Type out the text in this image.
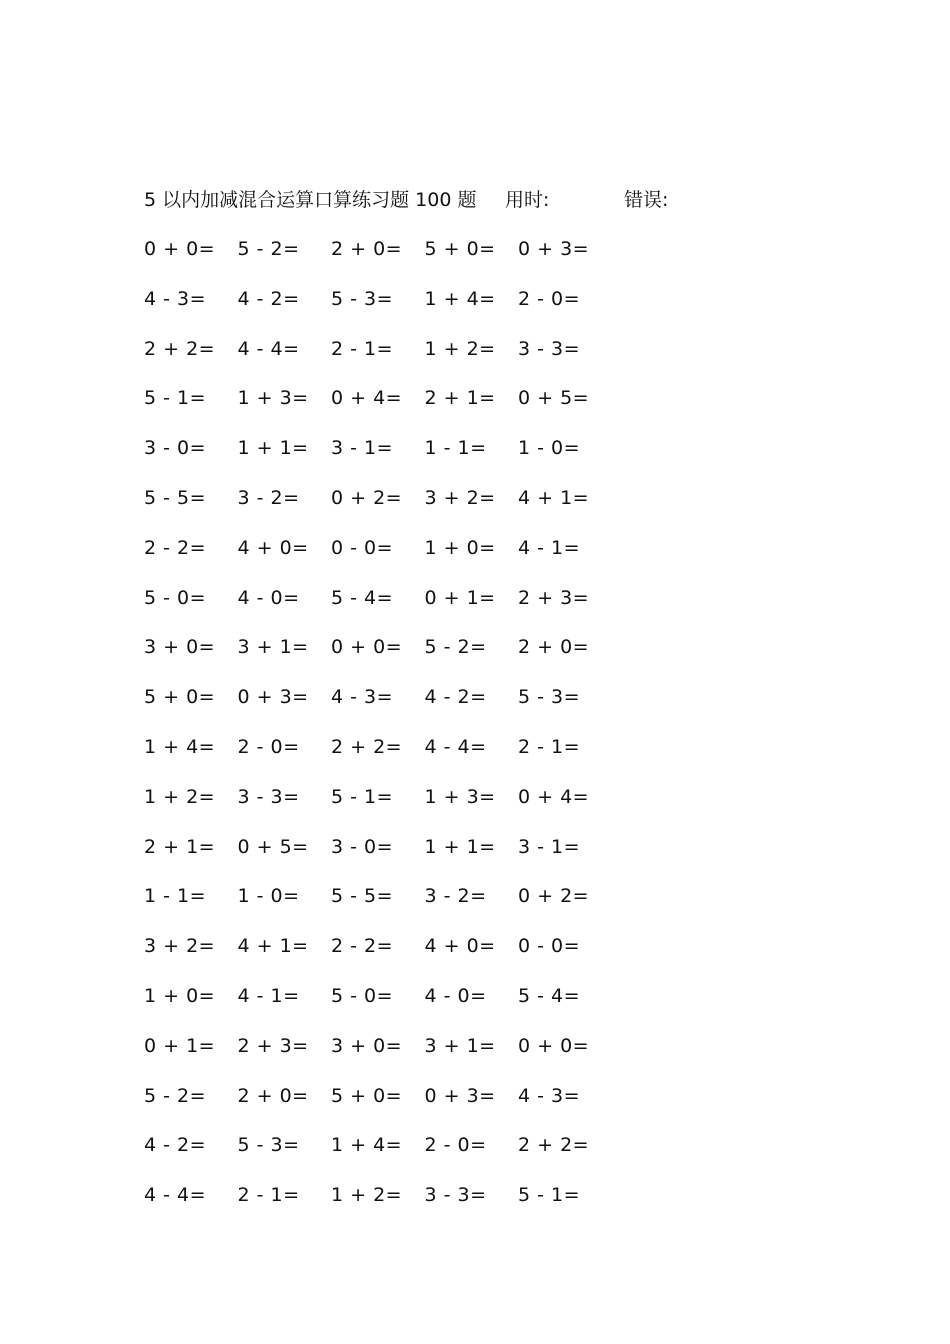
5 以内加减混合运算口算练习题 100 题 用时:	错误:
0 + 0=	5 - 2=	2 + 0=	5 + 0=	0 + 3=
4 - 3=	4 - 2=	5 - 3=	1 + 4=	2 - 0=
2 + 2=	4 - 4=	2 - 1=	1 + 2=	3 - 3=
5 - 1=	1 + 3=	0 + 4=	2 + 1=	0 + 5=
3 - 0=	1 + 1=	3 - 1=	1 - 1=	1 - 0=
5 - 5=	3 - 2=	0 + 2=	3 + 2=	4 + 1=
2 - 2=	4 + 0=	0 - 0=	1 + 0=	4 - 1=
5 - 0=	4 - 0=	5 - 4=	0 + 1=	2 + 3=
3 + 0=	3 + 1=	0 + 0=	5 - 2=	2 + 0=
5 + 0=	0 + 3=	4 - 3=	4 - 2=	5 - 3=
1 + 4=	2 - 0=	2 + 2=	4 - 4=	2 - 1=
1 + 2=	3 - 3=	5 - 1=	1 + 3=	0 + 4=
2 + 1=	0 + 5=	3 - 0=	1 + 1=	3 - 1=
1 - 1=	1 - 0=	5 - 5=	3 - 2=	0 + 2=
3 + 2=	4 + 1=	2 - 2=	4 + 0=	0 - 0=
1 + 0=	4 - 1=	5 - 0=	4 - 0=	5 - 4=
0 + 1=	2 + 3=	3 + 0=	3 + 1=	0 + 0=
5 - 2=	2 + 0=	5 + 0=	0 + 3=	4 - 3=
4 - 2=	5 - 3=	1 + 4=	2 - 0=	2 + 2=
4 - 4=	2 - 1=	1 + 2=	3 - 3=	5 - 1=
